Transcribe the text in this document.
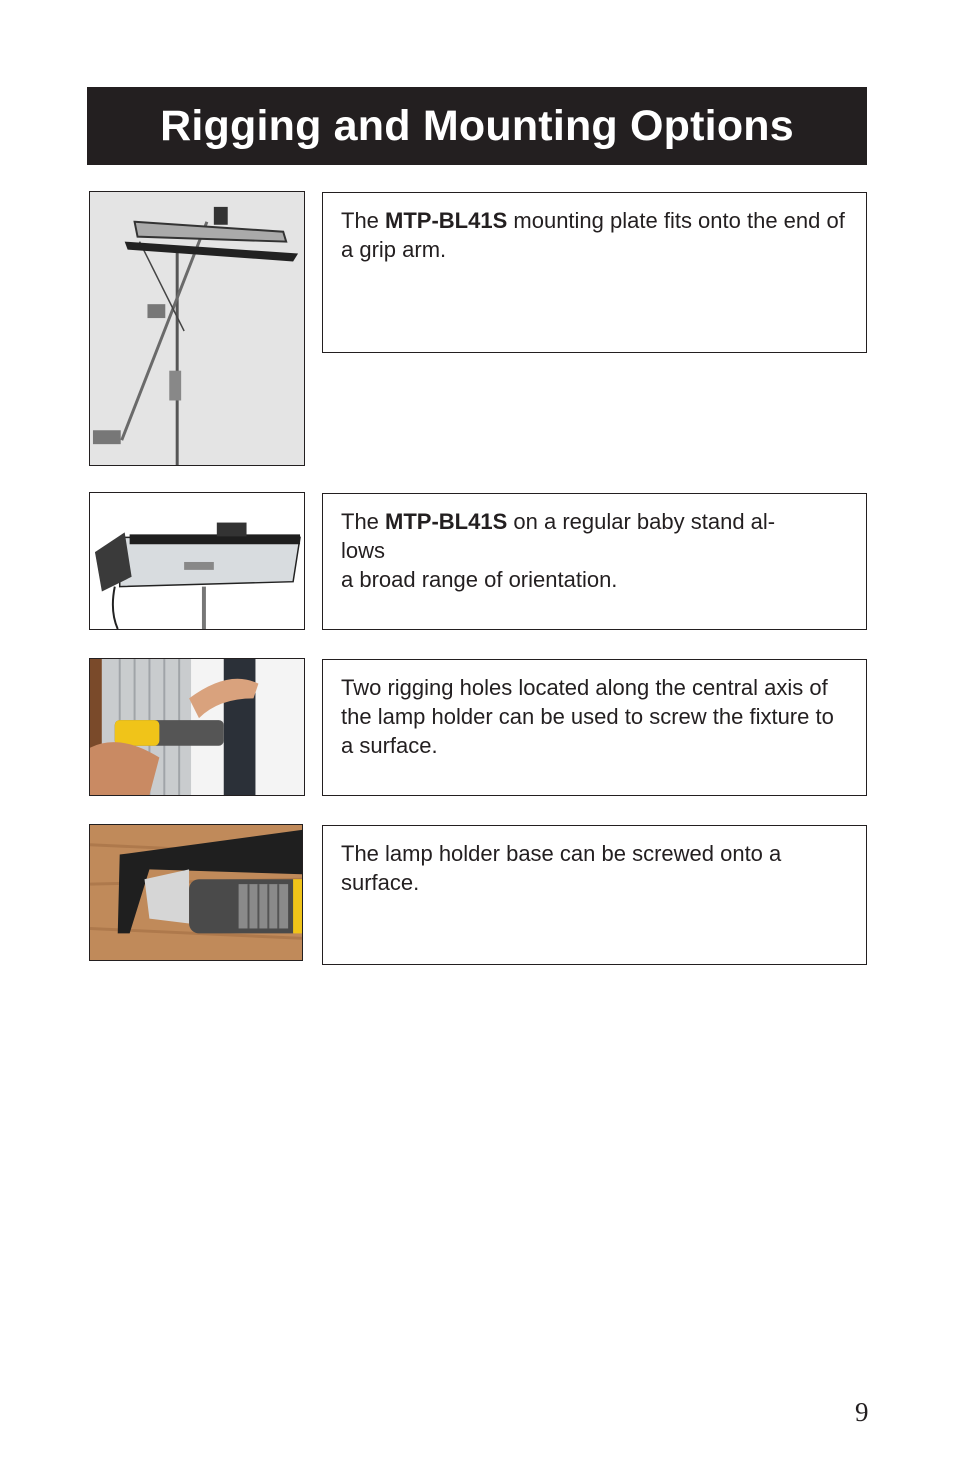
Rigging and Mounting Options
The MTP-BL41S mounting plate fits onto the end of a grip arm.
The MTP-BL41S on a regular baby stand al-
lows
a broad range of orientation.
Two rigging holes located along the central axis of the lamp holder can be used to screw the fixture to a surface.
The lamp holder base can be screwed onto a surface.
9
